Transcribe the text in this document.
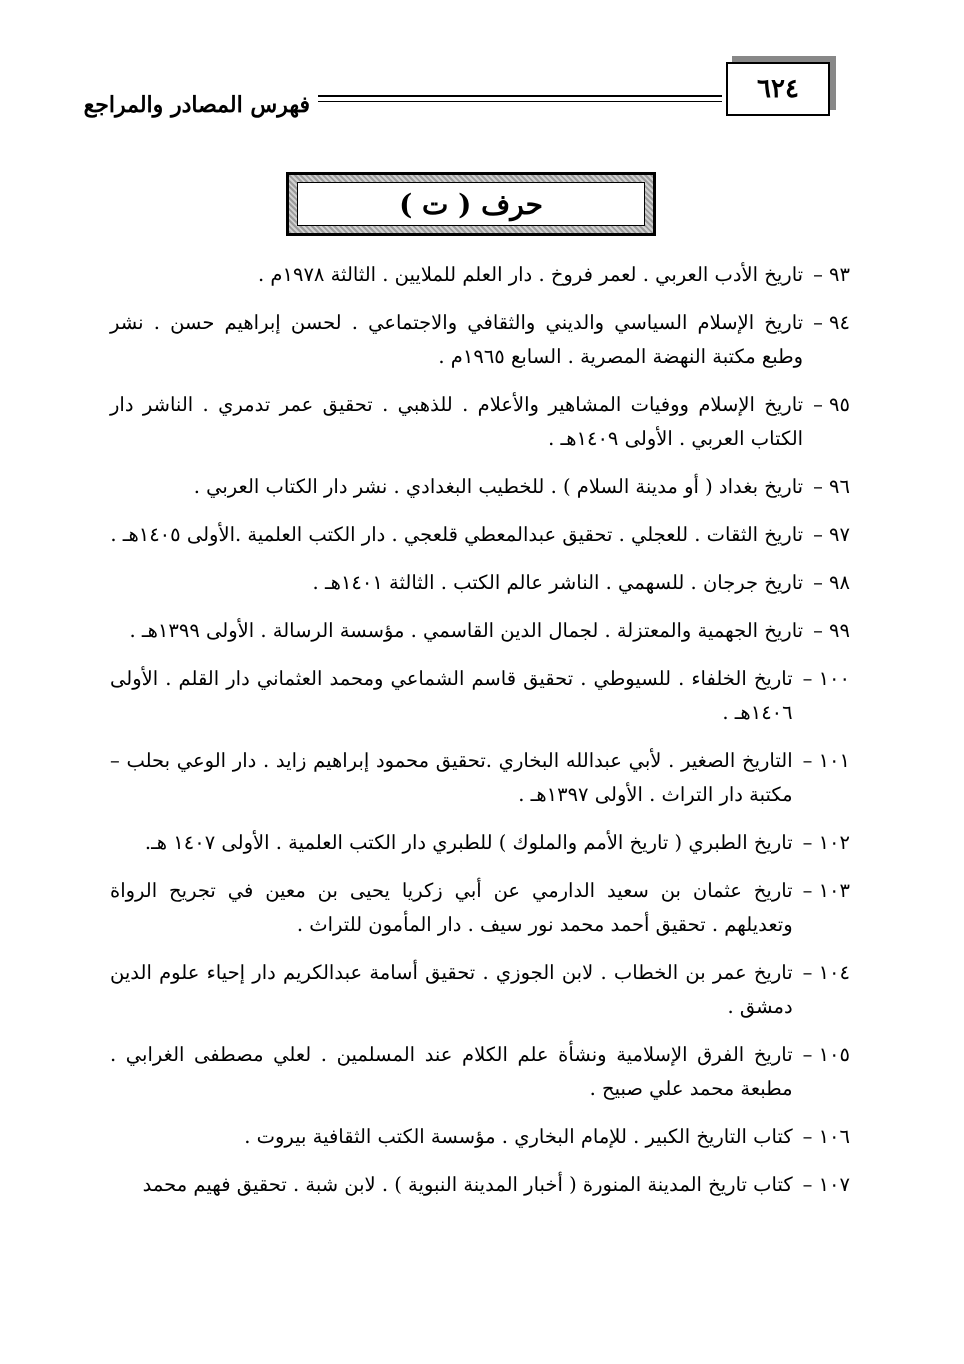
٦٢٤
فهرس المصادر والمراجع
حرف ( ت )
٩٣ –
تاريخ الأدب العربي . لعمر فروخ . دار العلم للملايين . الثالثة ١٩٧٨م .
٩٤ –
تاريخ الإسلام السياسي والديني والثقافي والاجتماعي . لحسن إبراهيم حسن . نشر وطبع مكتبة النهضة المصرية . السابع ١٩٦٥م .
٩٥ –
تاريخ الإسلام ووفيات المشاهير والأعلام . للذهبي . تحقيق عمر تدمري . الناشر دار الكتاب العربي . الأولى ١٤٠٩هـ .
٩٦ –
تاريخ بغداد ( أو مدينة السلام ) . للخطيب البغدادي . نشر دار الكتاب العربي .
٩٧ –
تاريخ الثقات . للعجلي . تحقيق عبدالمعطي قلعجي . دار الكتب العلمية .الأولى ١٤٠٥هـ .
٩٨ –
تاريخ جرجان . للسهمي . الناشر عالم الكتب . الثالثة ١٤٠١هـ .
٩٩ –
تاريخ الجهمية والمعتزلة . لجمال الدين القاسمي . مؤسسة الرسالة . الأولى ١٣٩٩هـ .
١٠٠ –
تاريخ الخلفاء . للسيوطي . تحقيق قاسم الشماعي ومحمد العثماني دار القلم . الأولى ١٤٠٦هـ .
١٠١ –
التاريخ الصغير . لأبي عبدالله البخاري .تحقيق محمود إبراهيم زايد . دار الوعي بحلب – مكتبة دار التراث . الأولى ١٣٩٧هـ .
١٠٢ –
تاريخ الطبري ( تاريخ الأمم والملوك ) للطبري دار الكتب العلمية . الأولى ١٤٠٧ هـ.
١٠٣ –
تاريخ عثمان بن سعيد الدارمي عن أبي زكريا يحيى بن معين في تجريح الرواة وتعديلهم . تحقيق أحمد محمد نور سيف . دار المأمون للتراث .
١٠٤ –
تاريخ عمر بن الخطاب . لابن الجوزي . تحقيق أسامة عبدالكريم دار إحياء علوم الدين دمشق .
١٠٥ –
تاريخ الفرق الإسلامية ونشأة علم الكلام عند المسلمين . لعلي مصطفى الغرابي . مطبعة محمد علي صبيح .
١٠٦ –
كتاب التاريخ الكبير . للإمام البخاري . مؤسسة الكتب الثقافية بيروت .
١٠٧ –
كتاب تاريخ المدينة المنورة ( أخبار المدينة النبوية ) . لابن شبة . تحقيق فهيم محمد
